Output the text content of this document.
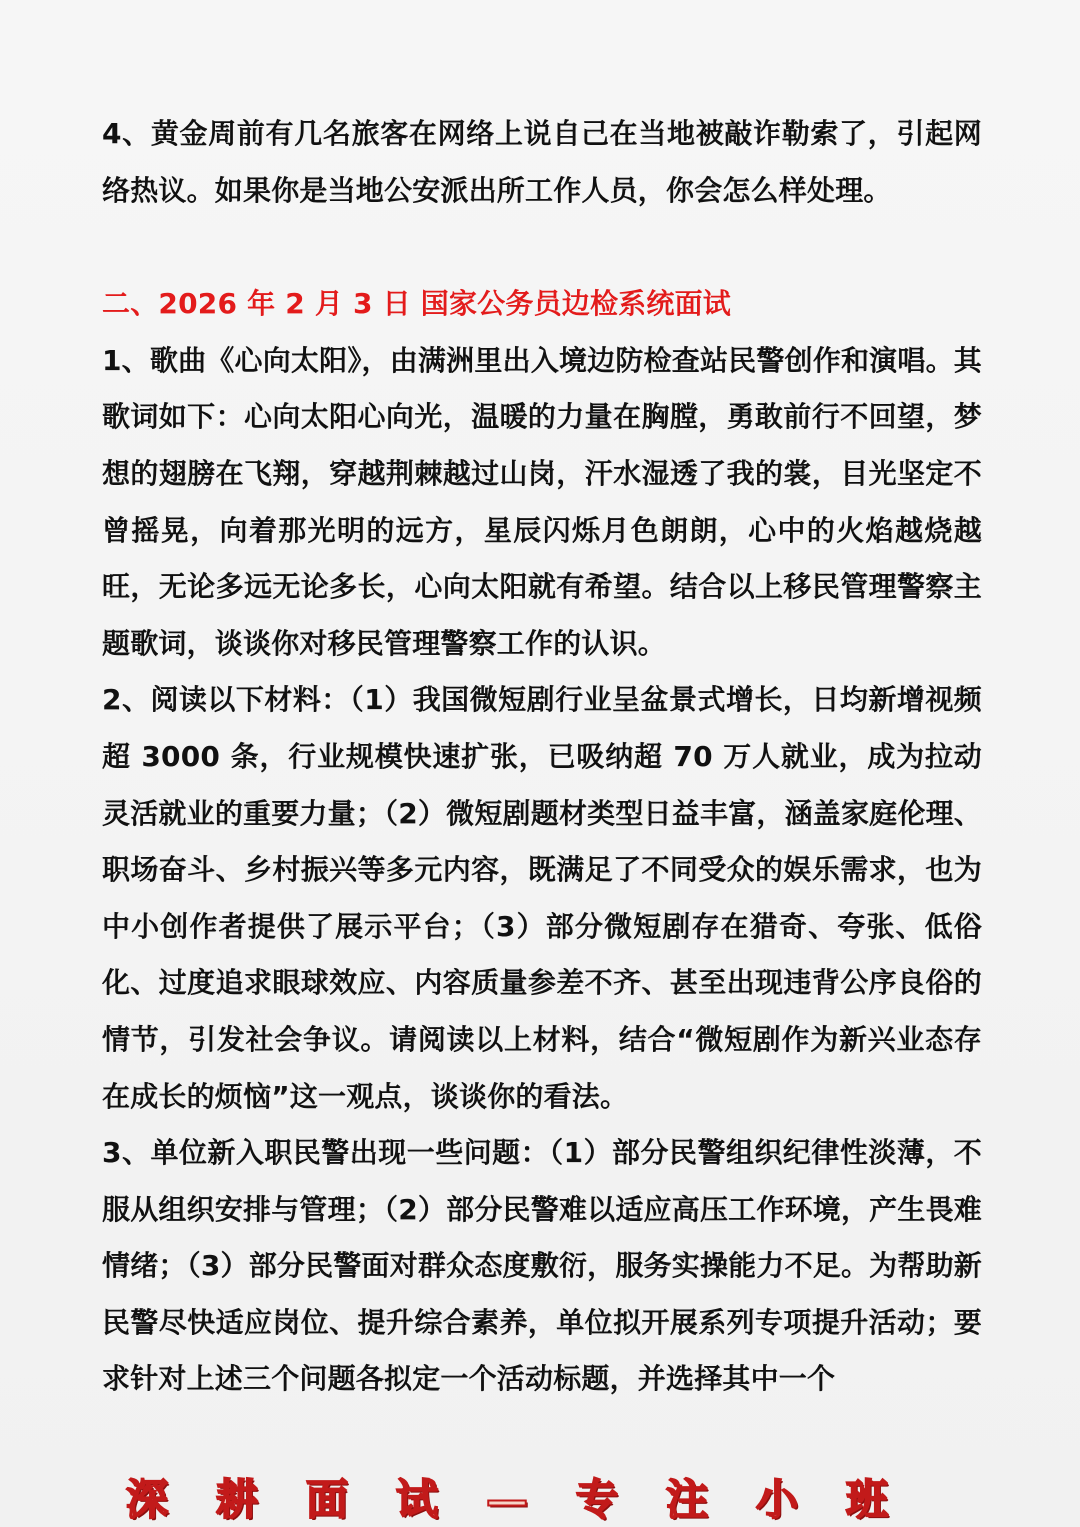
4、黄金周前有几名旅客在网络上说自己在当地被敲诈勒索了，引起网络热议。如果你是当地公安派出所工作人员，你会怎么样处理。

二、2026 年 2 月 3 日 国家公务员边检系统面试

1、歌曲《心向太阳》，由满洲里出入境边防检查站民警创作和演唱。其歌词如下：心向太阳心向光，温暖的力量在胸膛，勇敢前行不回望，梦想的翅膀在飞翔，穿越荆棘越过山岗，汗水湿透了我的裳，目光坚定不曾摇晃，向着那光明的远方，星辰闪烁月色朗朗，心中的火焰越烧越旺，无论多远无论多长，心向太阳就有希望。结合以上移民管理警察主题歌词，谈谈你对移民管理警察工作的认识。

2、阅读以下材料：（1）我国微短剧行业呈盆景式增长，日均新增视频超 3000 条，行业规模快速扩张，已吸纳超 70 万人就业，成为拉动灵活就业的重要力量；（2）微短剧题材类型日益丰富，涵盖家庭伦理、职场奋斗、乡村振兴等多元内容，既满足了不同受众的娱乐需求，也为中小创作者提供了展示平台；（3）部分微短剧存在猎奇、夸张、低俗化、过度追求眼球效应、内容质量参差不齐、甚至出现违背公序良俗的情节，引发社会争议。请阅读以上材料，结合“微短剧作为新兴业态存在成长的烦恼”这一观点，谈谈你的看法。

3、单位新入职民警出现一些问题：（1）部分民警组织纪律性淡薄，不服从组织安排与管理；（2）部分民警难以适应高压工作环境，产生畏难情绪；（3）部分民警面对群众态度敷衍，服务实操能力不足。为帮助新民警尽快适应岗位、提升综合素养，单位拟开展系列专项提升活动；要求针对上述三个问题各拟定一个活动标题，并选择其中一个

深 耕 面 试 — 专 注 小 班
